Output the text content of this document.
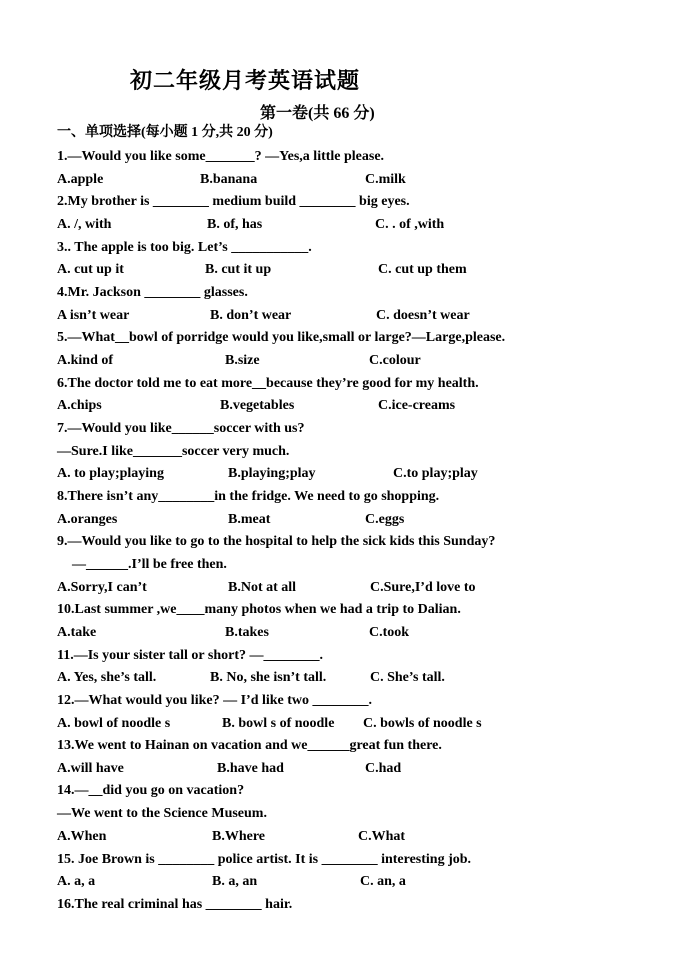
初二年级月考英语试题
第一卷(共 66 分)
一、单项选择(每小题 1 分,共 20 分)
1.—Would you like some_______? —Yes,a little please.
A.apple	B.banana	C.milk
2.My brother is ________ medium build ________ big eyes.
A. /, with	B. of, has	C. . of ,with
3.. The apple is too big. Let’s ___________.
A. cut up it	B. cut it up	C. cut up them
4.Mr. Jackson ________ glasses.
A isn’t wear	B. don’t wear	C. doesn’t wear
5.—What__bowl of porridge would you like,small or large?—Large,please.
A.kind of	B.size	C.colour
6.The doctor told me to eat more__because they’re good for my health.
A.chips	B.vegetables	C.ice-creams
7.—Would you like______soccer with us?
—Sure.I like_______soccer very much.
A. to play;playing	B.playing;play	C.to play;play
8.There isn’t any________in the fridge. We need to go shopping.
A.oranges	B.meat	C.eggs
9.—Would you like to go to the hospital to help the sick kids this Sunday?
—______.I’ll be free then.
A.Sorry,I can’t	B.Not at all	C.Sure,I’d love to
10.Last summer ,we____many photos when we had a trip to Dalian.
A.take	B.takes	C.took
11.—Is your sister tall or short? —________.
A. Yes, she’s tall.	B. No, she isn’t tall.	C. She’s tall.
12.—What would you like? — I’d like two ________.
A. bowl of noodle s	B. bowl s of noodle C. bowls of noodle s
13.We went to Hainan on vacation and we______great fun there.
A.will have	B.have had	C.had
14.—__did you go on vacation?
—We went to the Science Museum.
A.When	B.Where	C.What
15. Joe Brown is ________ police artist. It is ________ interesting job.
A. a, a	B. a, an	C. an, a
16.The real criminal has ________ hair.
